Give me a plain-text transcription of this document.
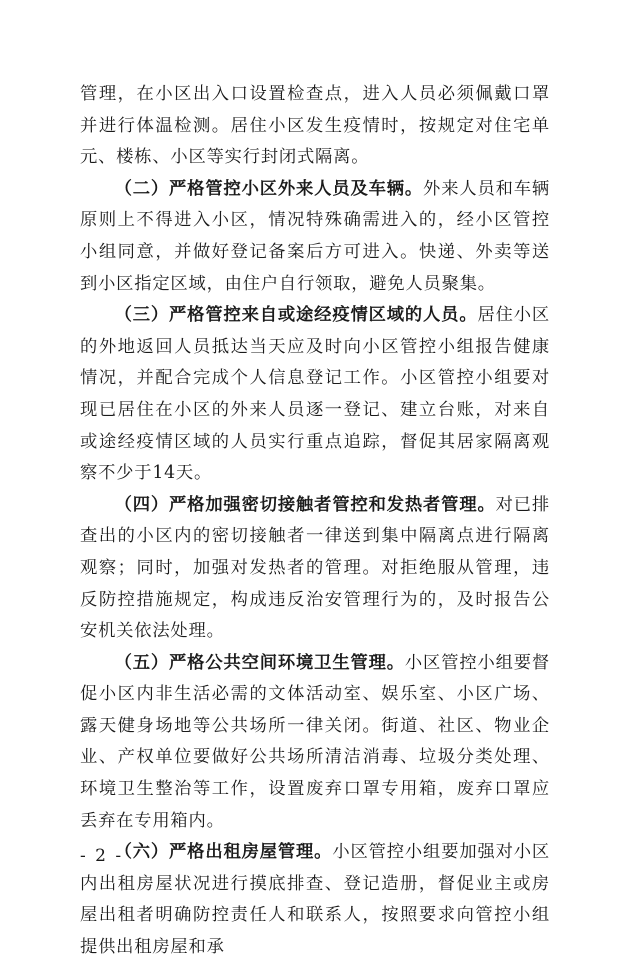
管理，在小区出入口设置检查点，进入人员必须佩戴口罩并进行体温检测。居住小区发生疫情时，按规定对住宅单元、楼栋、小区等实行封闭式隔离。

（二）严格管控小区外来人员及车辆。外来人员和车辆原则上不得进入小区，情况特殊确需进入的，经小区管控小组同意，并做好登记备案后方可进入。快递、外卖等送到小区指定区域，由住户自行领取，避免人员聚集。

（三）严格管控来自或途经疫情区域的人员。居住小区的外地返回人员抵达当天应及时向小区管控小组报告健康情况，并配合完成个人信息登记工作。小区管控小组要对现已居住在小区的外来人员逐一登记、建立台账，对来自或途经疫情区域的人员实行重点追踪，督促其居家隔离观察不少于14天。

（四）严格加强密切接触者管控和发热者管理。对已排查出的小区内的密切接触者一律送到集中隔离点进行隔离观察；同时，加强对发热者的管理。对拒绝服从管理，违反防控措施规定，构成违反治安管理行为的，及时报告公安机关依法处理。

（五）严格公共空间环境卫生管理。小区管控小组要督促小区内非生活必需的文体活动室、娱乐室、小区广场、露天健身场地等公共场所一律关闭。街道、社区、物业企业、产权单位要做好公共场所清洁消毒、垃圾分类处理、环境卫生整治等工作，设置废弃口罩专用箱，废弃口罩应丢弃在专用箱内。

（六）严格出租房屋管理。小区管控小组要加强对小区内出租房屋状况进行摸底排查、登记造册，督促业主或房屋出租者明确防控责任人和联系人，按照要求向管控小组提供出租房屋和承

- 2 -
